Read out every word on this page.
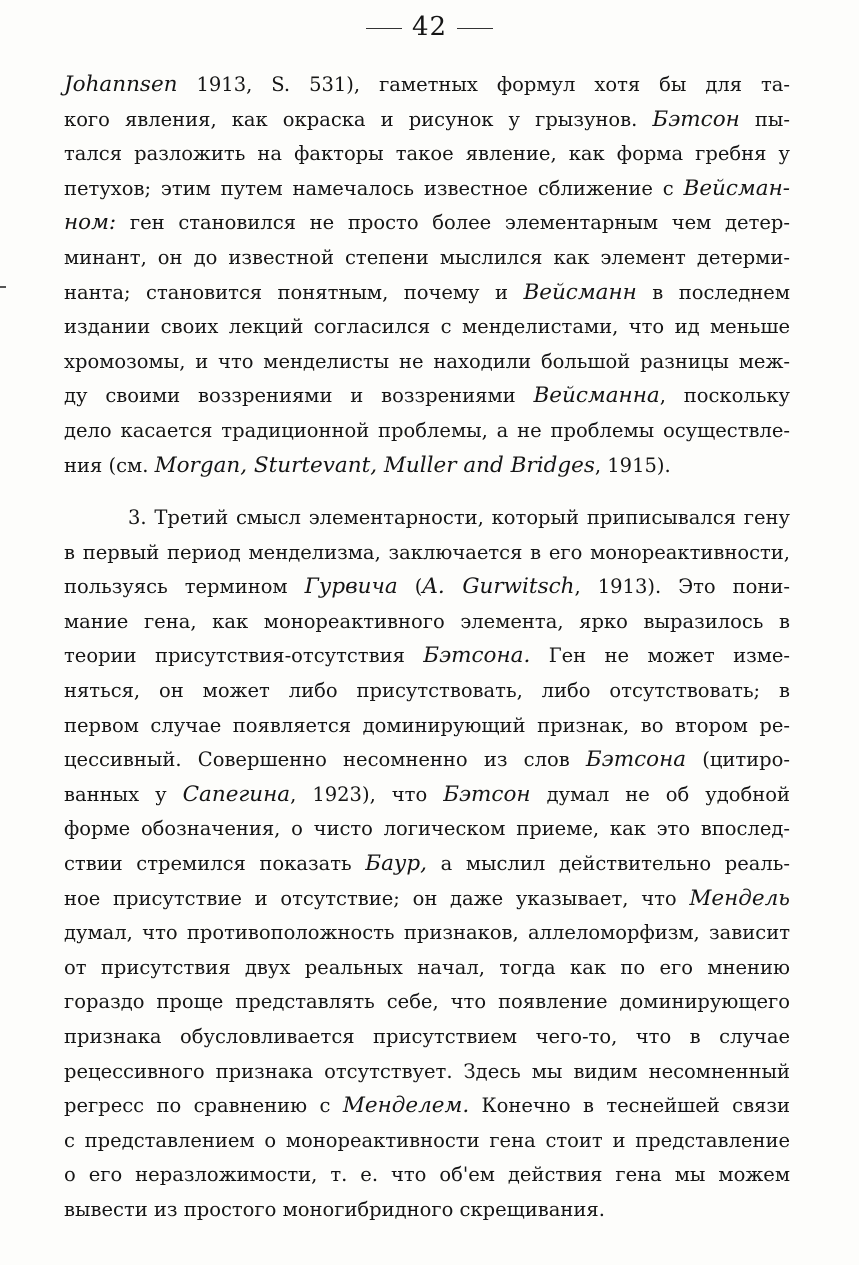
42
Johannsen 1913, S. 531), гаметных формул хотя бы для та-
кого явления, как окраска и рисунок у грызунов. Бэтсон пы-
тался разложить на факторы такое явление, как форма гребня у
петухов; этим путем намечалось известное сближение с Вейсман-
ном: ген становился не просто более элементарным чем детер-
минант, он до известной степени мыслился как элемент детерми-
нанта; становится понятным, почему и Вейсманн в последнем
издании своих лекций согласился с менделистами, что ид меньше
хромозомы, и что менделисты не находили большой разницы меж-
ду своими воззрениями и воззрениями Вейсманна, поскольку
дело касается традиционной проблемы, а не проблемы осуществле-
ния (см. Morgan, Sturtevant, Muller and Bridges, 1915).
3. Третий смысл элементарности, который приписывался гену
в первый период менделизма, заключается в его монореактивности,
пользуясь термином Гурвича (A. Gurwitsch, 1913). Это пони-
мание гена, как монореактивного элемента, ярко выразилось в
теории присутствия-отсутствия Бэтсона. Ген не может изме-
няться, он может либо присутствовать, либо отсутствовать; в
первом случае появляется доминирующий признак, во втором ре-
цессивный. Совершенно несомненно из слов Бэтсона (цитиро-
ванных у Сапегина, 1923), что Бэтсон думал не об удобной
форме обозначения, о чисто логическом приеме, как это впослед-
ствии стремился показать Баур, а мыслил действительно реаль-
ное присутствие и отсутствие; он даже указывает, что Мендель
думал, что противоположность признаков, аллеломорфизм, зависит
от присутствия двух реальных начал, тогда как по его мнению
гораздо проще представлять себе, что появление доминирующего
признака обусловливается присутствием чего-то, что в случае
рецессивного признака отсутствует. Здесь мы видим несомненный
регресс по сравнению с Менделем. Конечно в теснейшей связи
с представлением о монореактивности гена стоит и представление
о его неразложимости, т. е. что об'ем действия гена мы можем
вывести из простого моногибридного скрещивания.
